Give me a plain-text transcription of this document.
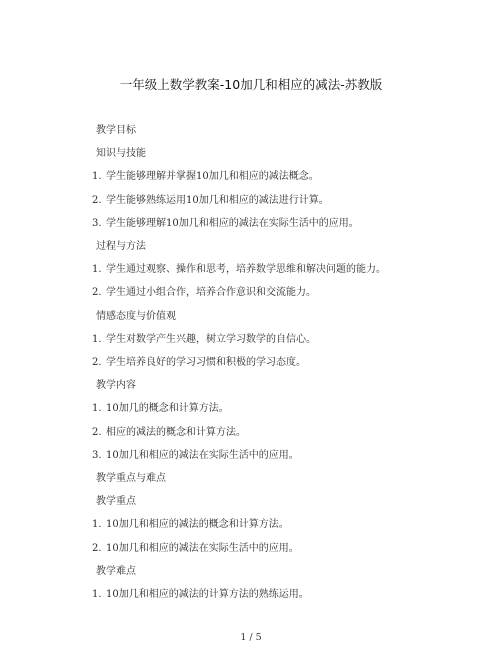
一年级上数学教案-10加几和相应的减法-苏教版
教学目标
知识与技能
1. 学生能够理解并掌握10加几和相应的减法概念。
2. 学生能够熟练运用10加几和相应的减法进行计算。
3. 学生能够理解10加几和相应的减法在实际生活中的应用。
过程与方法
1. 学生通过观察、操作和思考，培养数学思维和解决问题的能力。
2. 学生通过小组合作，培养合作意识和交流能力。
情感态度与价值观
1. 学生对数学产生兴趣，树立学习数学的自信心。
2. 学生培养良好的学习习惯和积极的学习态度。
教学内容
1. 10加几的概念和计算方法。
2. 相应的减法的概念和计算方法。
3. 10加几和相应的减法在实际生活中的应用。
教学重点与难点
教学重点
1. 10加几和相应的减法的概念和计算方法。
2. 10加几和相应的减法在实际生活中的应用。
教学难点
1. 10加几和相应的减法的计算方法的熟练运用。
1 / 5
